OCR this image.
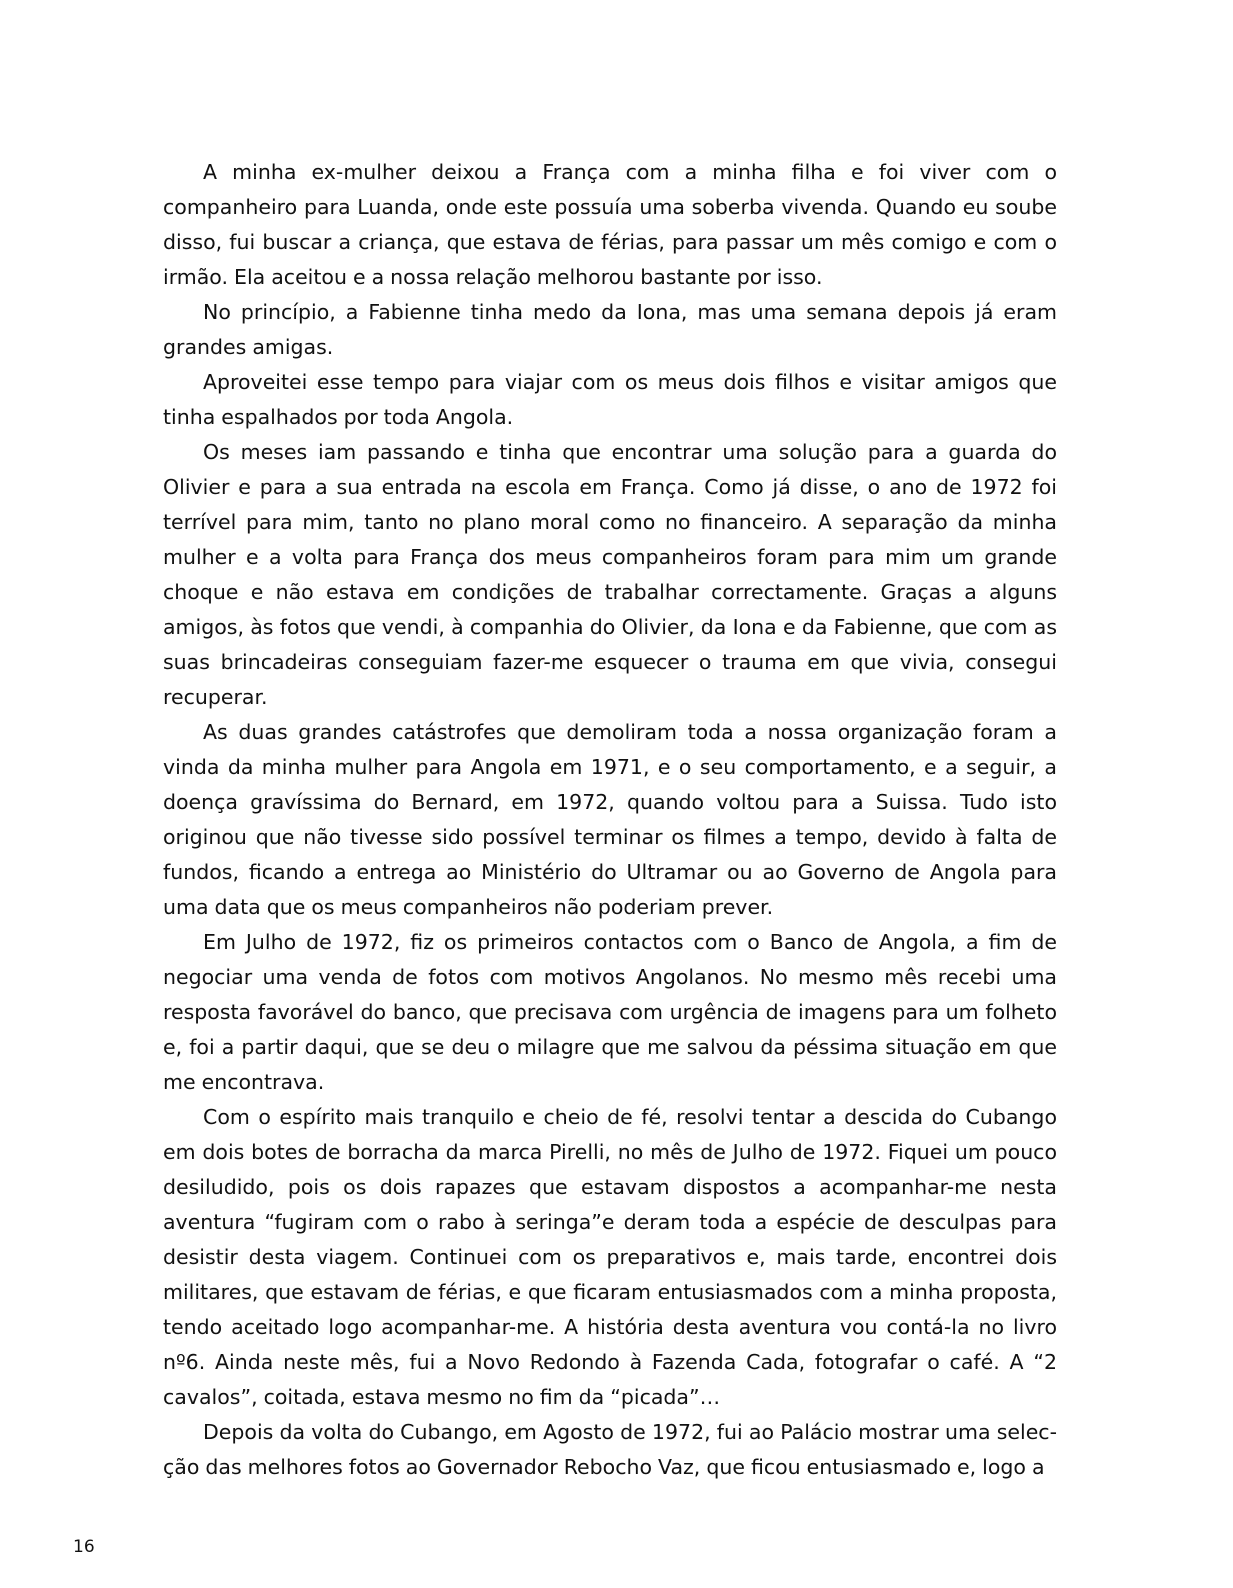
A minha ex-mulher deixou a França com a minha filha e foi viver com o companheiro para Luanda, onde este possuía uma soberba vivenda. Quando eu soube disso, fui buscar a criança, que estava de férias, para passar um mês comigo e com o irmão. Ela aceitou e a nossa relação melhorou bastante por isso.

No princípio, a Fabienne tinha medo da Iona, mas uma semana depois já eram grandes amigas.

Aproveitei esse tempo para viajar com os meus dois filhos e visitar amigos que tinha espalhados por toda Angola.

Os meses iam passando e tinha que encontrar uma solução para a guarda do Olivier e para a sua entrada na escola em França. Como já disse, o ano de 1972 foi terrível para mim, tanto no plano moral como no financeiro. A separação da minha mulher e a volta para França dos meus companheiros foram para mim um grande choque e não estava em condições de trabalhar correctamente. Graças a alguns amigos, às fotos que vendi, à companhia do Olivier, da Iona e da Fabienne, que com as suas brincadeiras conseguiam fazer-me esquecer o trauma em que vivia, consegui recuperar.

As duas grandes catástrofes que demoliram toda a nossa organização foram a vinda da minha mulher para Angola em 1971, e o seu comportamento, e a seguir, a doença gravíssima do Bernard, em 1972, quando voltou para a Suissa. Tudo isto originou que não tivesse sido possível terminar os filmes a tempo, devido à falta de fundos, ficando a entrega ao Ministério do Ultramar ou ao Governo de Angola para uma data que os meus companheiros não poderiam prever.

Em Julho de 1972, fiz os primeiros contactos com o Banco de Angola, a fim de negociar uma venda de fotos com motivos Angolanos. No mesmo mês recebi uma resposta favorável do banco, que precisava com urgência de imagens para um folheto e, foi a partir daqui, que se deu o milagre que me salvou da péssima situação em que me encontrava.

Com o espírito mais tranquilo e cheio de fé, resolvi tentar a descida do Cubango em dois botes de borracha da marca Pirelli, no mês de Julho de 1972. Fiquei um pouco desiludido, pois os dois rapazes que estavam dispostos a acompanhar-me nesta aventura “fugiram com o rabo à seringa”e deram toda a espécie de desculpas para desistir desta viagem. Continuei com os preparativos e, mais tarde, encontrei dois militares, que estavam de férias, e que ficaram entusiasmados com a minha proposta, tendo aceitado logo acompanhar-me. A história desta aventura vou contá-la no livro nº6. Ainda neste mês, fui a Novo Redondo à Fazenda Cada, fotografar o café. A “2 cavalos”, coitada, estava mesmo no fim da “picada”…

Depois da volta do Cubango, em Agosto de 1972, fui ao Palácio mostrar uma selecção das melhores fotos ao Governador Rebocho Vaz, que ficou entusiasmado e, logo a

16
